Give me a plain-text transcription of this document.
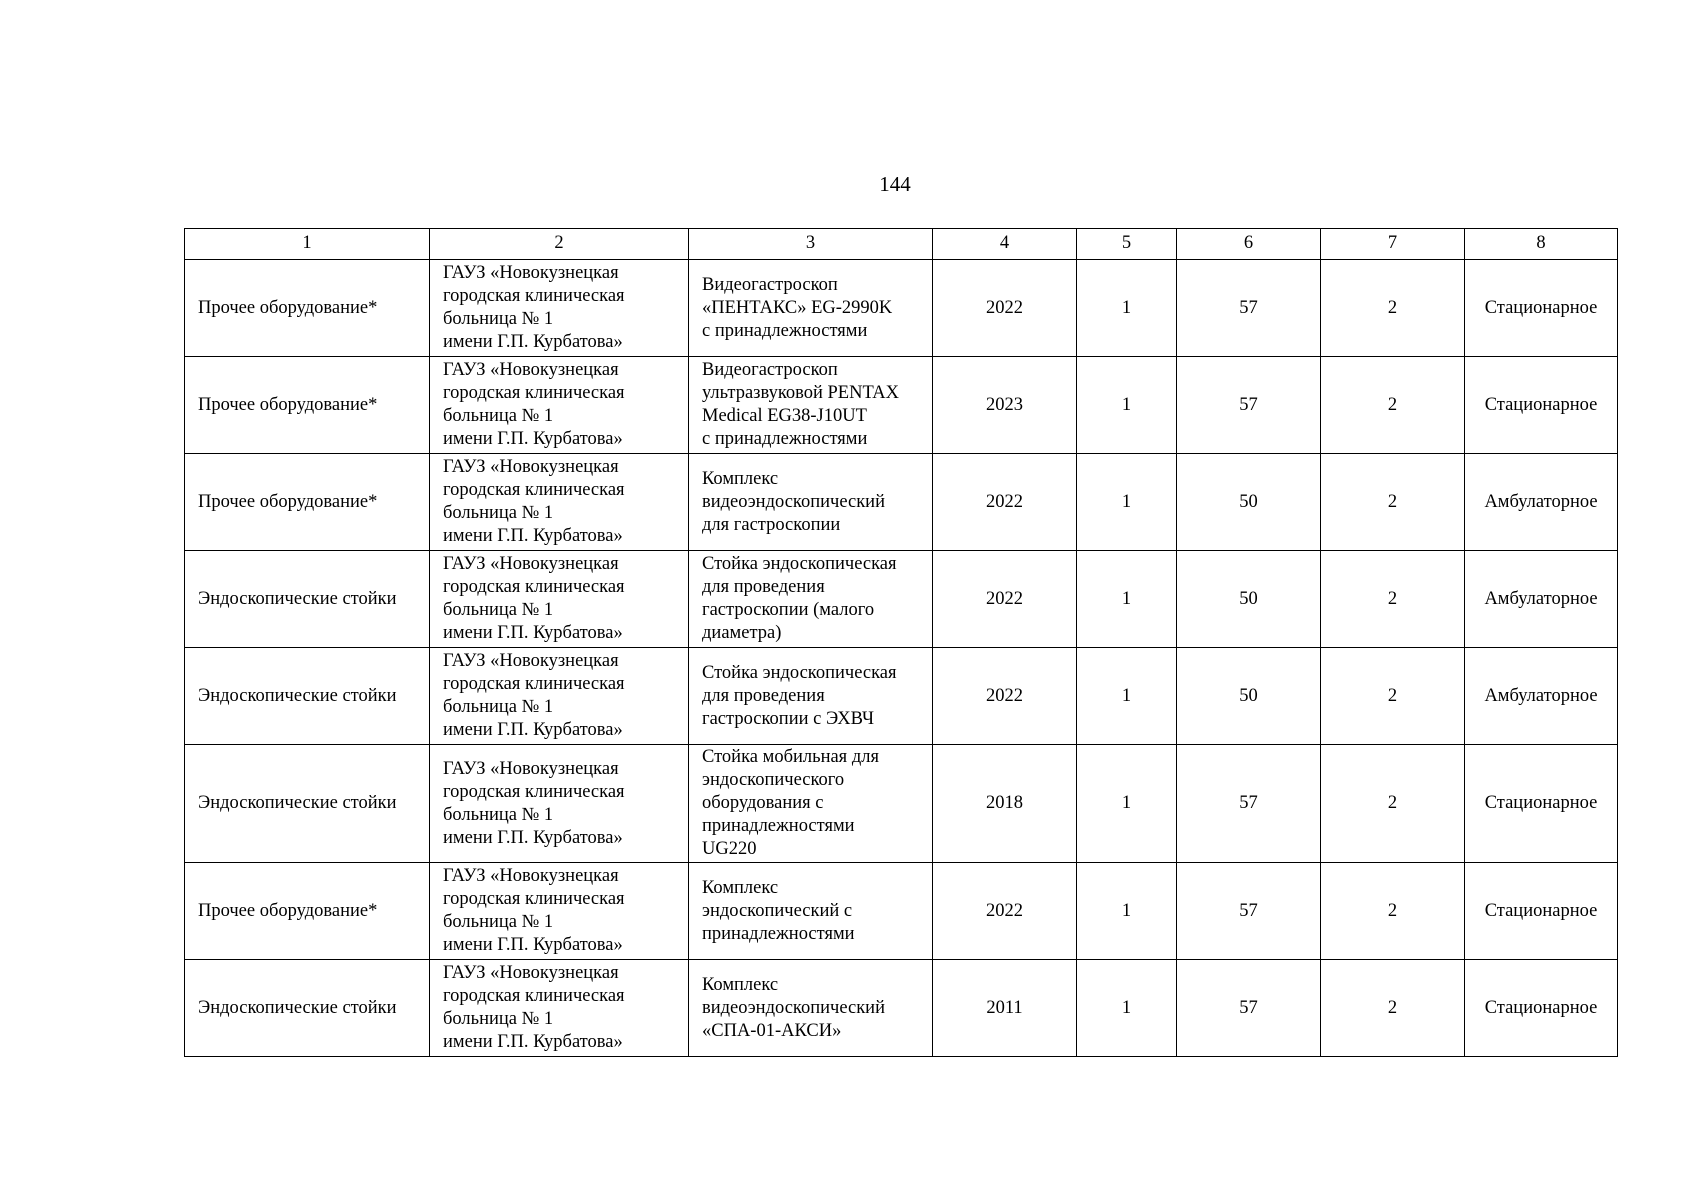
144
1	2	3	4	5	6	7	8
Прочее оборудование*	ГАУЗ «Новокузнецкая
городская клиническая
больница № 1
имени Г.П. Курбатова»	Видеогастроскоп
«ПЕНТАКС» EG-2990K
с принадлежностями	2022	1	57	2	Стационарное
Прочее оборудование*	ГАУЗ «Новокузнецкая
городская клиническая
больница № 1
имени Г.П. Курбатова»	Видеогастроскоп
ультразвуковой PENTAX
Medical EG38-J10UT
с принадлежностями	2023	1	57	2	Стационарное
Прочее оборудование*	ГАУЗ «Новокузнецкая
городская клиническая
больница № 1
имени Г.П. Курбатова»	Комплекс
видеоэндоскопический
для гастроскопии	2022	1	50	2	Амбулаторное
Эндоскопические стойки	ГАУЗ «Новокузнецкая
городская клиническая
больница № 1
имени Г.П. Курбатова»	Стойка эндоскопическая
для проведения
гастроскопии (малого
диаметра)	2022	1	50	2	Амбулаторное
Эндоскопические стойки	ГАУЗ «Новокузнецкая
городская клиническая
больница № 1
имени Г.П. Курбатова»	Стойка эндоскопическая
для проведения
гастроскопии с ЭХВЧ	2022	1	50	2	Амбулаторное
Эндоскопические стойки	ГАУЗ «Новокузнецкая
городская клиническая
больница № 1
имени Г.П. Курбатова»	Стойка мобильная для
эндоскопического
оборудования с
принадлежностями
UG220	2018	1	57	2	Стационарное
Прочее оборудование*	ГАУЗ «Новокузнецкая
городская клиническая
больница № 1
имени Г.П. Курбатова»	Комплекс
эндоскопический с
принадлежностями	2022	1	57	2	Стационарное
Эндоскопические стойки	ГАУЗ «Новокузнецкая
городская клиническая
больница № 1
имени Г.П. Курбатова»	Комплекс
видеоэндоскопический
«СПА-01-АКСИ»	2011	1	57	2	Стационарное
